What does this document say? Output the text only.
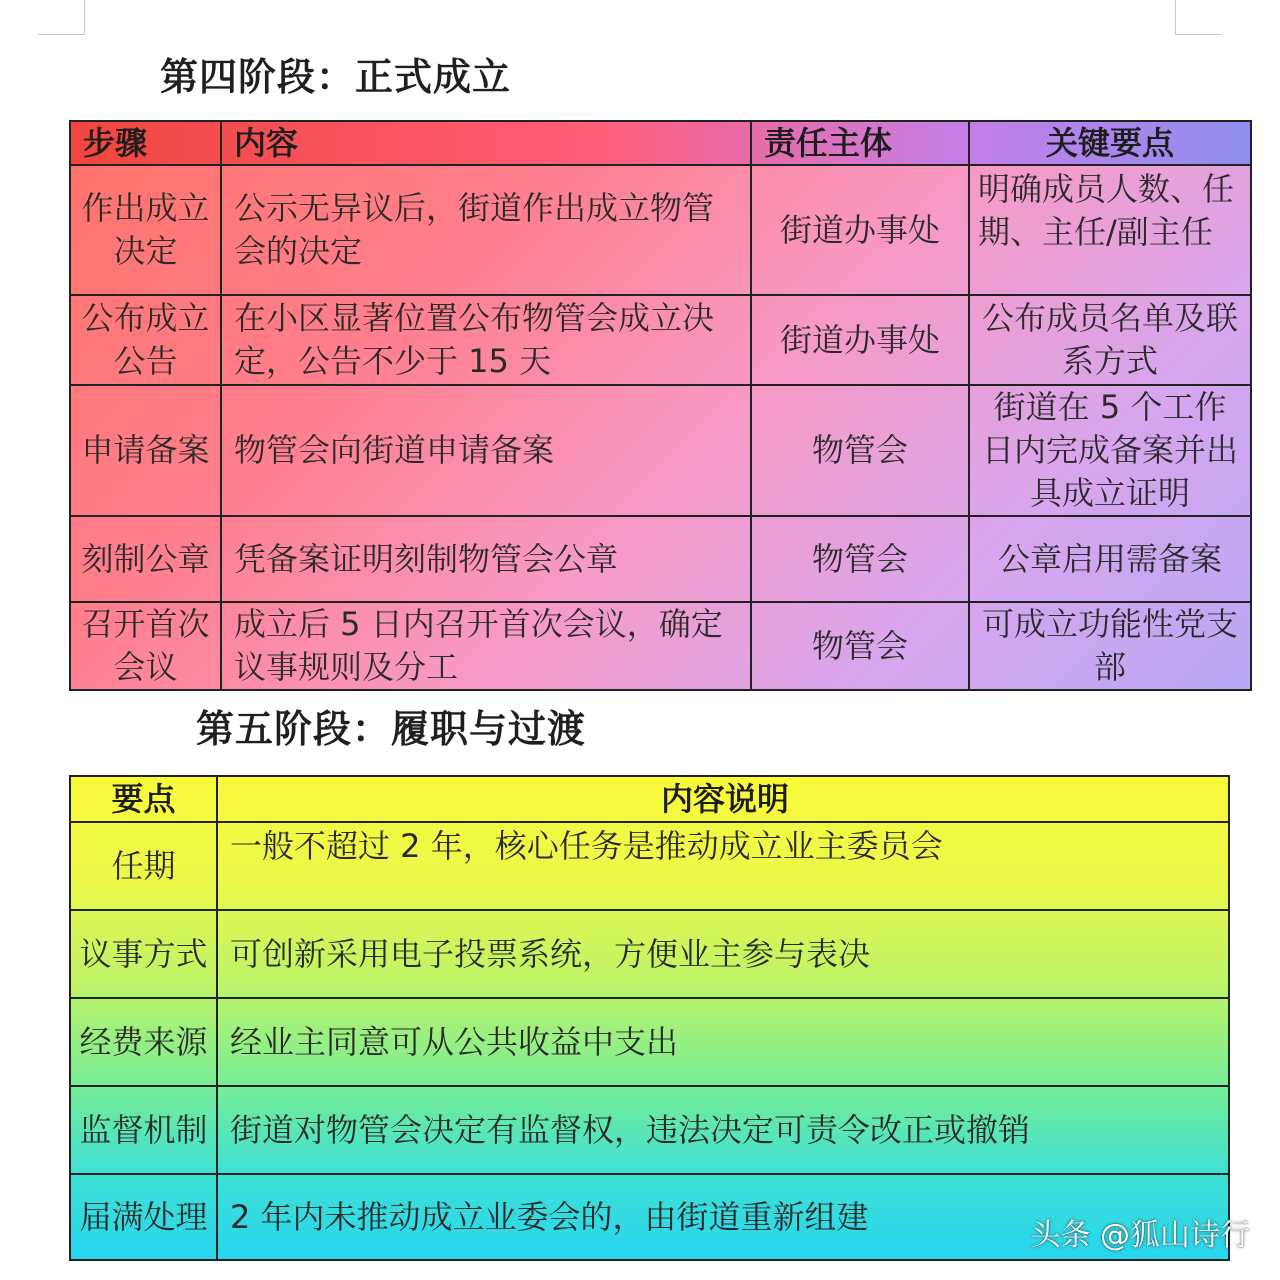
第四阶段：正式成立
步骤	内容	责任主体	关键要点
作出成立决定	公示无异议后，街道作出成立物管会的决定	街道办事处	明确成员人数、任期、主任/副主任
公布成立公告	在小区显著位置公布物管会成立决定，公告不少于 15 天	街道办事处	公布成员名单及联系方式
申请备案	物管会向街道申请备案	物管会	街道在 5 个工作日内完成备案并出具成立证明
刻制公章	凭备案证明刻制物管会公章	物管会	公章启用需备案
召开首次会议	成立后 5 日内召开首次会议，确定议事规则及分工	物管会	可成立功能性党支部
第五阶段：履职与过渡
要点	内容说明
任期	一般不超过 2 年，核心任务是推动成立业主委员会
议事方式	可创新采用电子投票系统，方便业主参与表决
经费来源	经业主同意可从公共收益中支出
监督机制	街道对物管会决定有监督权，违法决定可责令改正或撤销
届满处理	2 年内未推动成立业委会的，由街道重新组建	头条 @狐山诗行
